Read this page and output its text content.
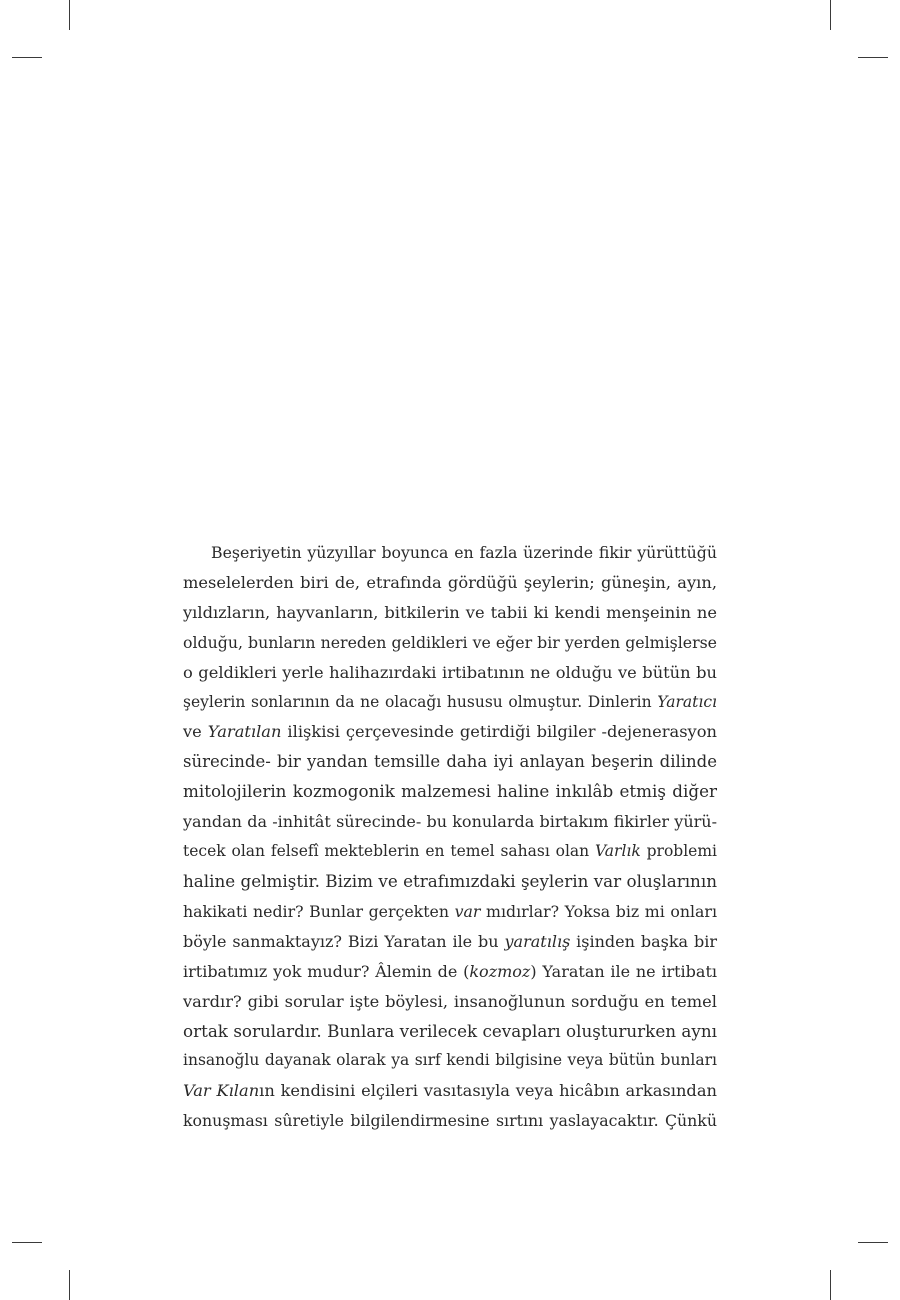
Beşeriyetin yüzyıllar boyunca en fazla üzerinde fikir yürüttüğü
meselelerden biri de, etrafında gördüğü şeylerin; güneşin, ayın,
yıldızların, hayvanların, bitkilerin ve tabii ki kendi menşeinin ne
olduğu, bunların nereden geldikleri ve eğer bir yerden gelmişlerse
o geldikleri yerle halihazırdaki irtibatının ne olduğu ve bütün bu
şeylerin sonlarının da ne olacağı hususu olmuştur. Dinlerin Yaratıcı
ve Yaratılan ilişkisi çerçevesinde getirdiği bilgiler -dejenerasyon
sürecinde- bir yandan temsille daha iyi anlayan beşerin dilinde
mitolojilerin kozmogonik malzemesi haline inkılâb etmiş diğer
yandan da -inhitât sürecinde- bu konularda birtakım fikirler yürü-
tecek olan felsefî mekteblerin en temel sahası olan Varlık problemi
haline gelmiştir. Bizim ve etrafımızdaki şeylerin var oluşlarının
hakikati nedir? Bunlar gerçekten var mıdırlar? Yoksa biz mi onları
böyle sanmaktayız? Bizi Yaratan ile bu yaratılış işinden başka bir
irtibatımız yok mudur? Âlemin de (kozmoz) Yaratan ile ne irtibatı
vardır? gibi sorular işte böylesi, insanoğlunun sorduğu en temel
ortak sorulardır. Bunlara verilecek cevapları oluştururken aynı
insanoğlu dayanak olarak ya sırf kendi bilgisine veya bütün bunları
Var Kılanın kendisini elçileri vasıtasıyla veya hicâbın arkasından
konuşması sûretiyle bilgilendirmesine sırtını yaslayacaktır. Çünkü
